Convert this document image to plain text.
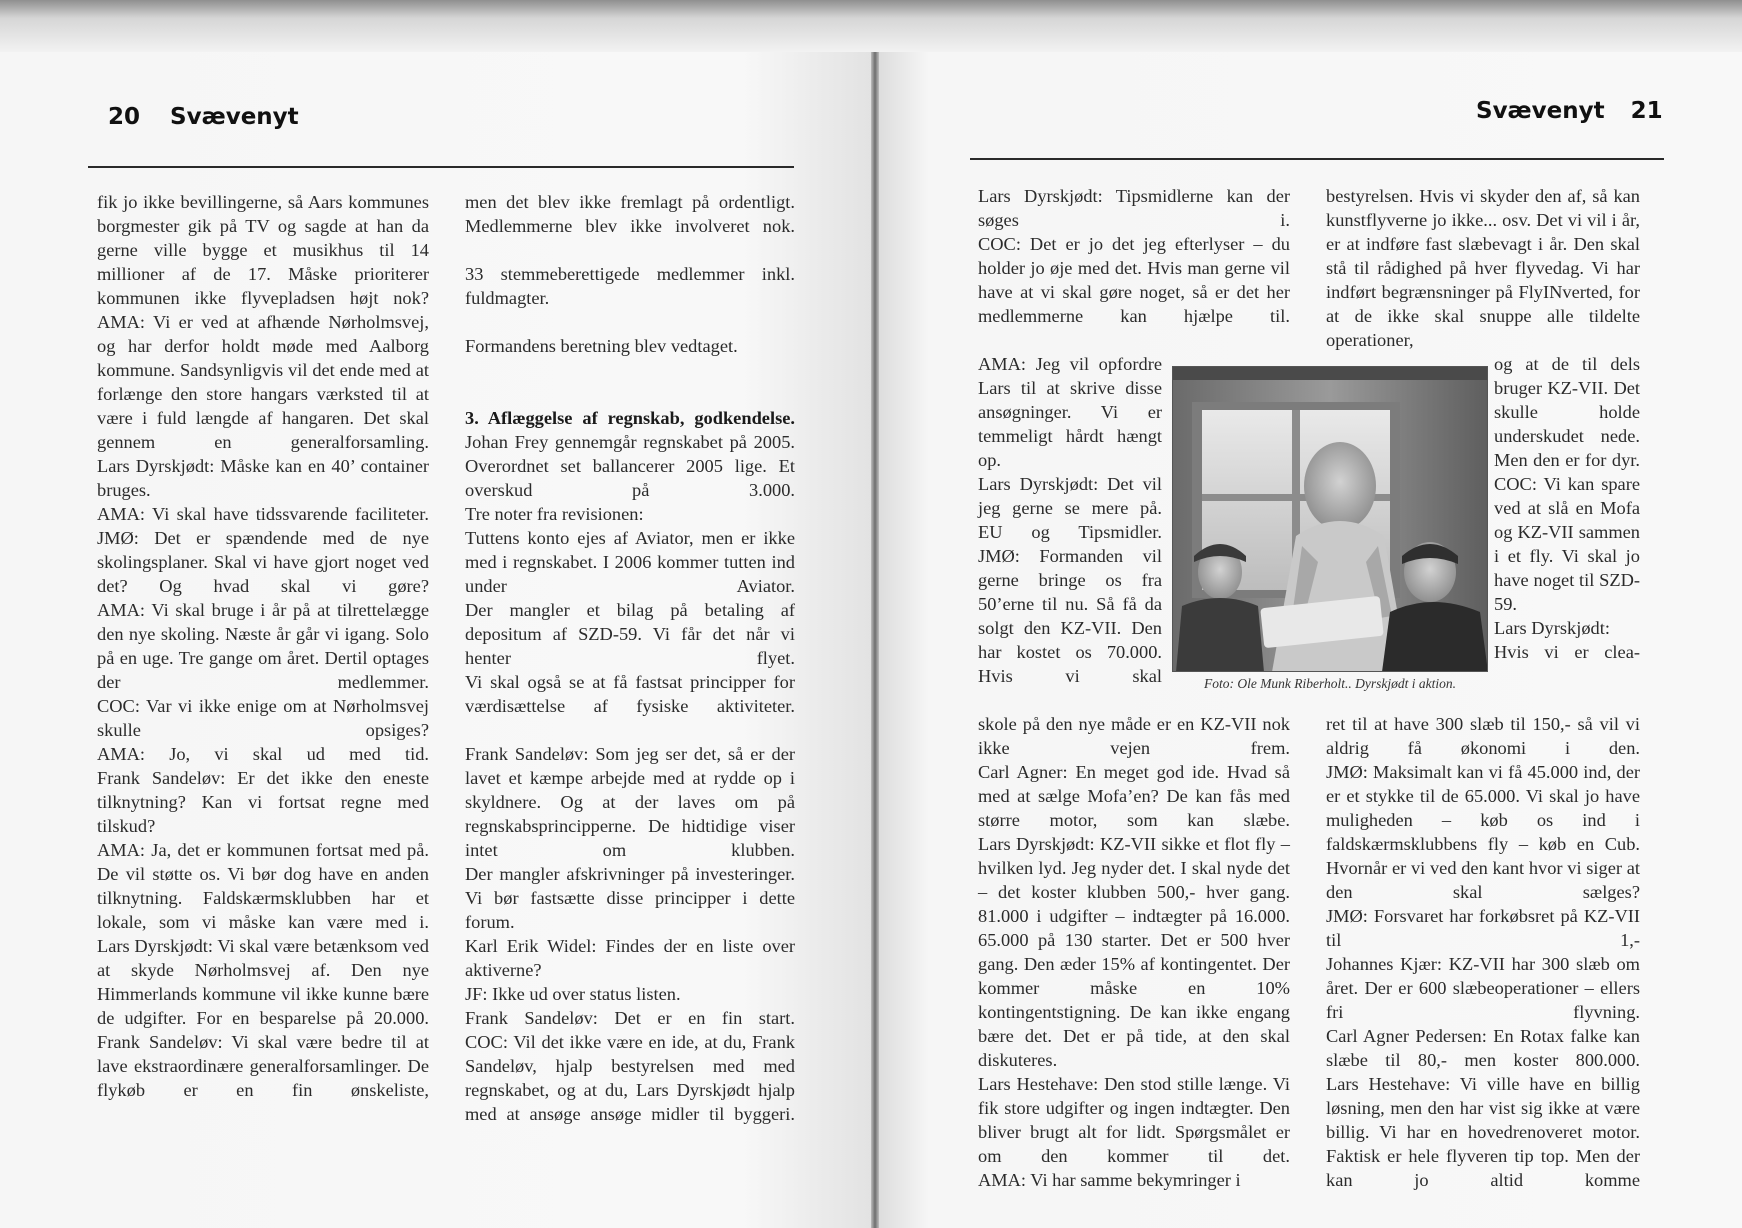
20 Svævenyt

fik jo ikke bevillingerne, så Aars kommunes borgmester gik på TV og sagde at han da gerne ville bygge et musikhus til 14 millioner af de 17. Måske prioriterer kommunen ikke flyvepladsen højt nok?

AMA: Vi er ved at afhænde Nørholmsvej, og har derfor holdt møde med Aalborg kommune. Sandsynligvis vil det ende med at forlænge den store hangars værksted til at være i fuld længde af hangaren. Det skal gennem en generalforsamling.

Lars Dyrskjødt: Måske kan en 40’ container bruges.

AMA: Vi skal have tidssvarende faciliteter.

JMØ: Det er spændende med de nye skolingsplaner. Skal vi have gjort noget ved det? Og hvad skal vi gøre?

AMA: Vi skal bruge i år på at tilrettelægge den nye skoling. Næste år går vi igang. Solo på en uge. Tre gange om året. Dertil optages der medlemmer.

COC: Var vi ikke enige om at Nørholmsvej skulle opsiges?

AMA: Jo, vi skal ud med tid.

Frank Sandeløv: Er det ikke den eneste tilknytning? Kan vi fortsat regne med tilskud?

AMA: Ja, det er kommunen fortsat med på. De vil støtte os. Vi bør dog have en anden tilknytning. Faldskærmsklubben har et lokale, som vi måske kan være med i.

Lars Dyrskjødt: Vi skal være betænksom ved at skyde Nørholmsvej af. Den nye Himmerlands kommune vil ikke kunne bære de udgifter. For en besparelse på 20.000.

Frank Sandeløv: Vi skal være bedre til at lave ekstraordinære generalforsamlinger. De flykøb er en fin ønskeliste,

men det blev ikke fremlagt på ordentligt. Medlemmerne blev ikke involveret nok.

33 stemmeberettigede medlemmer inkl. fuldmagter.

Formandens beretning blev vedtaget.

3. Aflæggelse af regnskab, godkendelse.

Johan Frey gennemgår regnskabet på 2005.

Overordnet set ballancerer 2005 lige. Et overskud på 3.000.

Tre noter fra revisionen:

Tuttens konto ejes af Aviator, men er ikke med i regnskabet. I 2006 kommer tutten ind under Aviator.

Der mangler et bilag på betaling af depositum af SZD-59. Vi får det når vi henter flyet.

Vi skal også se at få fastsat principper for værdisættelse af fysiske aktiviteter.

Frank Sandeløv: Som jeg ser det, så er der lavet et kæmpe arbejde med at rydde op i skyldnere. Og at der laves om på regnskabsprincipperne. De hidtidige viser intet om klubben.

Der mangler afskrivninger på investeringer. Vi bør fastsætte disse principper i dette forum.

Karl Erik Widel: Findes der en liste over aktiverne?

JF: Ikke ud over status listen.

Frank Sandeløv: Det er en fin start.

COC: Vil det ikke være en ide, at du, Frank Sandeløv, hjalp bestyrelsen med med regnskabet, og at du, Lars Dyrskjødt hjalp med at ansøge ansøge midler til byggeri.

Svævenyt 21

Lars Dyrskjødt: Tipsmidlerne kan der søges i.

COC: Det er jo det jeg efterlyser – du holder jo øje med det. Hvis man gerne vil have at vi skal gøre noget, så er det her medlemmerne kan hjælpe til.

AMA: Jeg vil opfordre Lars til at skrive disse ansøgninger. Vi er temmeligt hårdt hængt op.

Lars Dyrskjødt: Det vil jeg gerne se mere på. EU og Tipsmidler.

JMØ: Formanden vil gerne bringe os fra 50’erne til nu. Så få da solgt den KZ-VII. Den har kostet os 70.000. Hvis vi skal

skole på den nye måde er en KZ-VII nok ikke vejen frem.

Carl Agner: En meget god ide. Hvad så med at sælge Mofa’en? De kan fås med større motor, som kan slæbe.

Lars Dyrskjødt: KZ-VII sikke et flot fly – hvilken lyd. Jeg nyder det. I skal nyde det – det koster klubben 500,- hver gang. 81.000 i udgifter – indtægter på 16.000. 65.000 på 130 starter. Det er 500 hver gang. Den æder 15% af kontingentet. Der kommer måske en 10% kontingentstigning. De kan ikke engang bære det. Det er på tide, at den skal diskuteres.

Lars Hestehave: Den stod stille længe. Vi fik store udgifter og ingen indtægter. Den bliver brugt alt for lidt. Spørgsmålet er om den kommer til det.

AMA: Vi har samme bekymringer i

bestyrelsen. Hvis vi skyder den af, så kan kunstflyverne jo ikke... osv. Det vi vil i år, er at indføre fast slæbevagt i år. Den skal stå til rådighed på hver flyvedag. Vi har indført begrænsninger på FlyINverted, for at de ikke skal snuppe alle tildelte operationer,

og at de til dels bruger KZ-VII. Det skulle holde underskudet nede. Men den er for dyr.

COC: Vi kan spare ved at slå en Mofa og KZ-VII sammen i et fly. Vi skal jo have noget til SZD-59.

Lars Dyrskjødt:

Hvis vi er clea-

ret til at have 300 slæb til 150,- så vil vi aldrig få økonomi i den.

JMØ: Maksimalt kan vi få 45.000 ind, der er et stykke til de 65.000. Vi skal jo have muligheden – køb os ind i faldskærmsklubbens fly – køb en Cub. Hvornår er vi ved den kant hvor vi siger at den skal sælges?

JMØ: Forsvaret har forkøbsret på KZ-VII til 1,-

Johannes Kjær: KZ-VII har 300 slæb om året. Der er 600 slæbeoperationer – ellers fri flyvning.

Carl Agner Pedersen: En Rotax falke kan slæbe til 80,- men koster 800.000.

Lars Hestehave: Vi ville have en billig løsning, men den har vist sig ikke at være billig. Vi har en hovedrenoveret motor. Faktisk er hele flyveren tip top. Men der kan jo altid komme

Foto: Ole Munk Riberholt.. Dyrskjødt i aktion.
